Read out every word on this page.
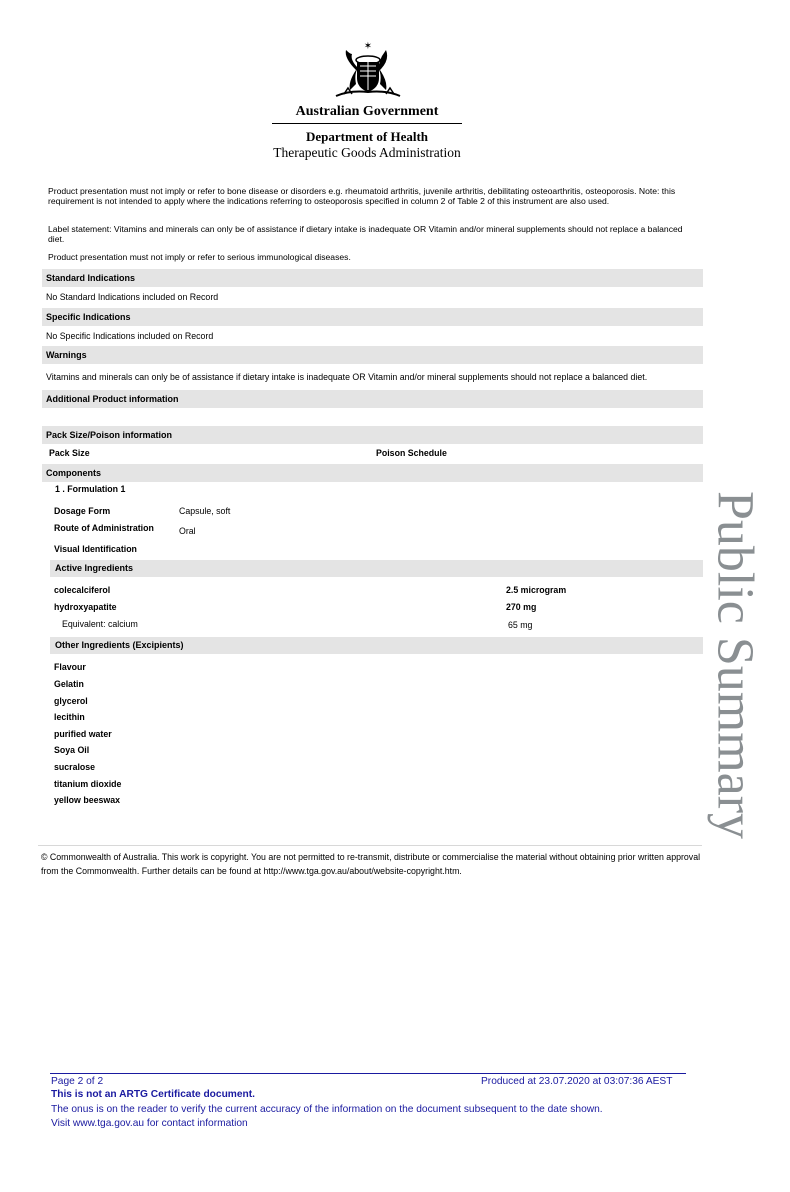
✶
Australian Government
Department of Health
Therapeutic Goods Administration
Product presentation must not imply or refer to bone disease or disorders e.g. rheumatoid arthritis, juvenile arthritis, debilitating osteoarthritis, osteoporosis. Note: this requirement is not intended to apply where the indications referring to osteoporosis specified in column 2 of Table 2 of this instrument are also used.
Label statement: Vitamins and minerals can only be of assistance if dietary intake is inadequate OR Vitamin and/or mineral supplements should not replace a balanced diet.
Product presentation must not imply or refer to serious immunological diseases.
Standard Indications
No Standard Indications included on Record
Specific Indications
No Specific Indications included on Record
Warnings
Vitamins and minerals can only be of assistance if dietary intake is inadequate OR Vitamin and/or mineral supplements should not replace a balanced diet.
Additional Product information
Pack Size/Poison information
Pack Size	Poison Schedule
Components
1 . Formulation 1
Dosage Form	Capsule, soft
Route of Administration	Oral
Visual Identification
Active Ingredients
colecalciferol	2.5 microgram
hydroxyapatite	270 mg
Equivalent: calcium	65 mg
Other Ingredients (Excipients)
Flavour
Gelatin
glycerol
lecithin
purified water
Soya Oil
sucralose
titanium dioxide
yellow beeswax	Public Summary
© Commonwealth of Australia. This work is copyright. You are not permitted to re-transmit, distribute or commercialise the material without obtaining prior written approval from the Commonwealth. Further details can be found at http://www.tga.gov.au/about/website-copyright.htm.
Page 2 of 2	Produced at 23.07.2020 at 03:07:36 AEST
This is not an ARTG Certificate document.
The onus is on the reader to verify the current accuracy of the information on the document subsequent to the date shown.
Visit www.tga.gov.au for contact information
